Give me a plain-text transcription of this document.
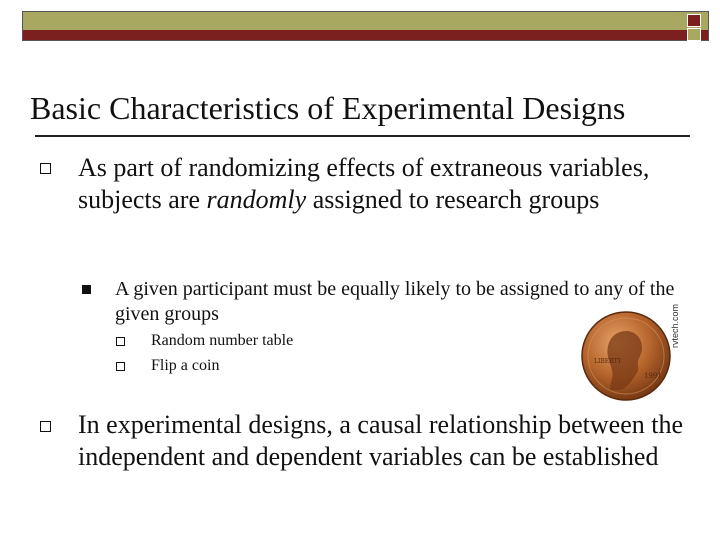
Basic Characteristics of Experimental Designs
As part of randomizing effects of extraneous variables, subjects are randomly assigned to research groups
A given participant must be equally likely to be assigned to any of the given groups
Random number table
Flip a coin	LIBERTY
1991
rvtech.com
In experimental designs, a causal relationship between the independent and dependent variables can be established
